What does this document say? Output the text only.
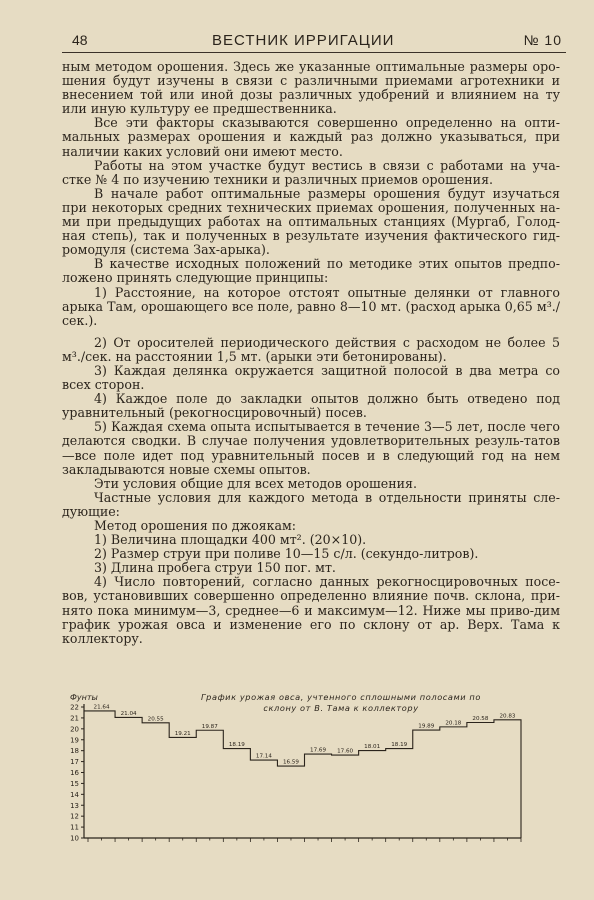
48	ВЕСТНИК ИРРИГАЦИИ	№ 10

ным методом орошения. Здесь же указанные оптимальные размеры оро-шения будут изучены в связи с различными приемами агротехники и внесением той или иной дозы различных удобрений и влиянием на ту или иную культуру ее предшественника.

Все эти факторы сказываются совершенно определенно на опти-мальных размерах орошения и каждый раз должно указываться, при наличии каких условий они имеют место.

Работы на этом участке будут вестись в связи с работами на уча-стке № 4 по изучению техники и различных приемов орошения.

В начале работ оптимальные размеры орошения будут изучаться при некоторых средних технических приемах орошения, полученных на-ми при предыдущих работах на оптимальных станциях (Мургаб, Голод-ная степь), так и полученных в результате изучения фактического гид-ромодуля (система Зах-арыка).

В качестве исходных положений по методике этих опытов предпо-ложено принять следующие принципы:

1) Расстояние, на которое отстоят опытные делянки от главного арыка Там, орошающего все поле, равно 8—10 мт. (расход арыка 0,65 м³./сек.).

2) От оросителей периодического действия с расходом не более 5 м³./сек. на расстоянии 1,5 мт. (арыки эти бетонированы).

3) Каждая делянка окружается защитной полосой в два метра со всех сторон.

4) Каждое поле до закладки опытов должно быть отведено под уравнительный (рекогносцировочный) посев.

5) Каждая схема опыта испытывается в течение 3—5 лет, после чего делаются сводки. В случае получения удовлетворительных резуль-татов—все поле идет под уравнительный посев и в следующий год на нем закладываются новые схемы опытов.

Эти условия общие для всех методов орошения.

Частные условия для каждого метода в отдельности приняты сле-дующие:

Метод орошения по джоякам:

1) Величина площадки 400 мт². (20×10).

2) Размер струи при поливе 10—15 с/л. (секундо-литров).

3) Длина пробега струи 150 пог. мт.

4) Число повторений, согласно данных рекогносцировочных посе-вов, установивших совершенно определенно влияние почв. склона, при-нято пока минимум—3, среднее—6 и максимум—12. Ниже мы приво-дим график урожая овса и изменение его по склону от ар. Верх. Тама к коллектору.

График урожая овса, учтенного сплошными полосами по склону от В. Тама к коллектору
Фунты
10
11
12
13
14
15
16
17
18
19
20
21
22	21.64
21.04
20.55
19.21
19.87
18.19
17.14
16.59
17.69 17.60
18.01 18.19
19.89
20.18
20.58 20.83
